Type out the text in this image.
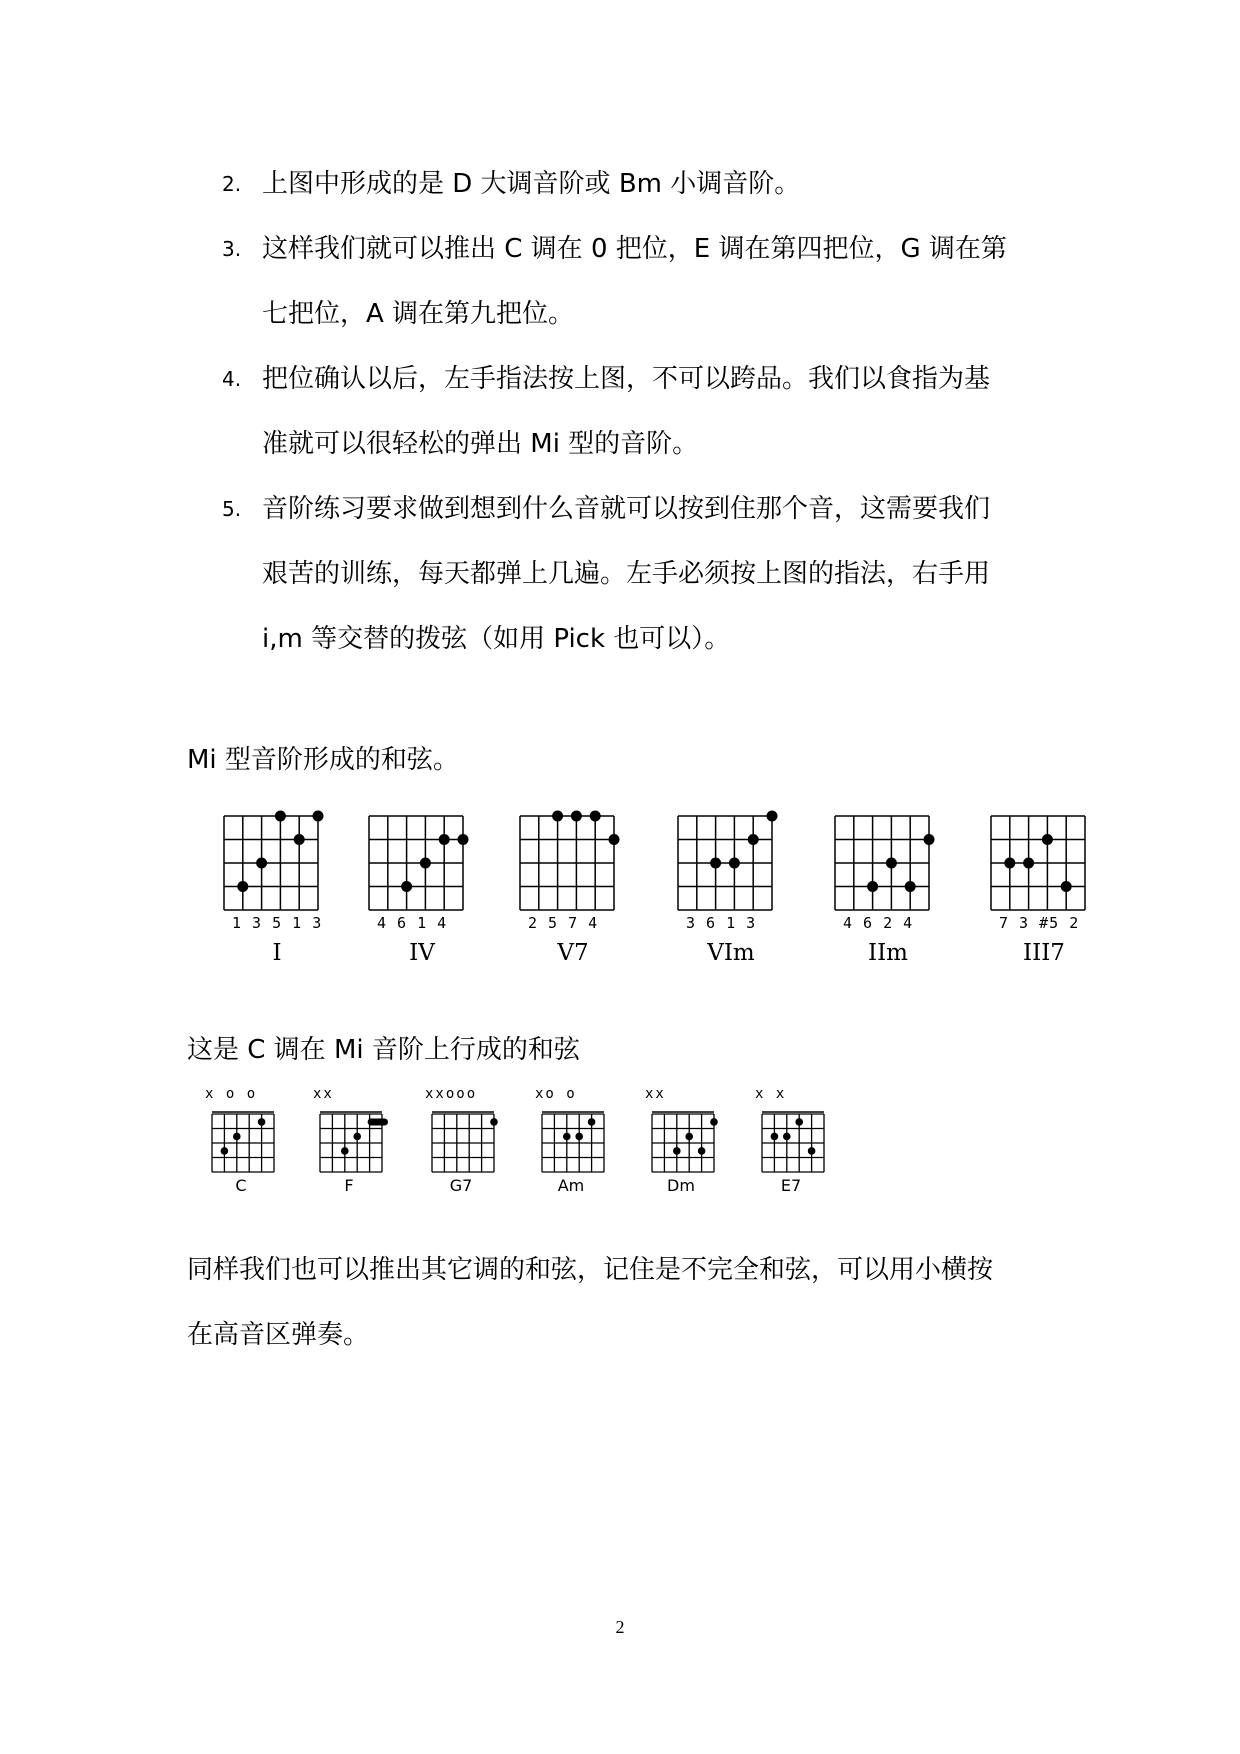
2. 上图中形成的是 D 大调音阶或 Bm 小调音阶。
3. 这样我们就可以推出 C 调在 0 把位，E 调在第四把位，G 调在第
七把位，A 调在第九把位。
4. 把位确认以后，左手指法按上图，不可以跨品。我们以食指为基
准就可以很轻松的弹出 Mi 型的音阶。
5. 音阶练习要求做到想到什么音就可以按到住那个音，这需要我们
艰苦的训练，每天都弹上几遍。左手必须按上图的指法，右手用
i,m 等交替的拨弦（如用 Pick 也可以）。

Mi 型音阶形成的和弦。

1 3 5 1 3
I
4 6 1 4
IV
2 5 7 4
V7
3 6 1 3
VIm
4 6 2 4
IIm
7 3 #5 2
III7

这是 C 调在 Mi 音阶上行成的和弦

x o o
C
xx
F
xxooo
G7
xo o
Am
xx
Dm
x x
E7

同样我们也可以推出其它调的和弦，记住是不完全和弦，可以用小横按
在高音区弹奏。

2
